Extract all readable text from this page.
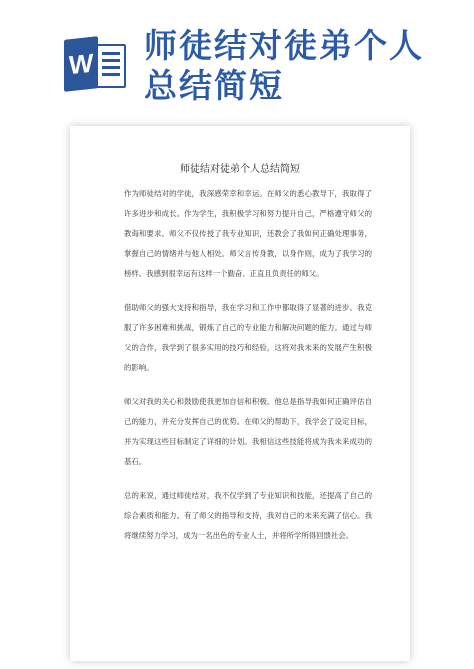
W 师徒结对徒弟个人
总结简短
师徒结对徒弟个人总结简短

作为师徒结对的学徒，我深感荣幸和幸运。在师父的悉心教导下，我取得了许多进步和成长。作为学生，我积极学习和努力提升自己，严格遵守师父的教诲和要求。师父不仅传授了我专业知识，还教会了我如何正确处理事务，掌握自己的情绪并与他人相处。师父言传身教，以身作则，成为了我学习的榜样。我感到很幸运有这样一个勤奋、正直且负责任的师父。

借助师父的强大支持和指导，我在学习和工作中都取得了显著的进步。我克服了许多困难和挑战，锻炼了自己的专业能力和解决问题的能力。通过与师父的合作，我学到了很多实用的技巧和经验，这将对我未来的发展产生积极的影响。

师父对我的关心和鼓励使我更加自信和积极。他总是指导我如何正确评估自己的能力，并充分发挥自己的优势。在师父的帮助下，我学会了设定目标，并为实现这些目标制定了详细的计划。我相信这些技能将成为我未来成功的基石。

总的来说，通过师徒结对，我不仅学到了专业知识和技能，还提高了自己的综合素质和能力。有了师父的指导和支持，我对自己的未来充满了信心。我将继续努力学习，成为一名出色的专业人士，并将所学所得回馈社会。
